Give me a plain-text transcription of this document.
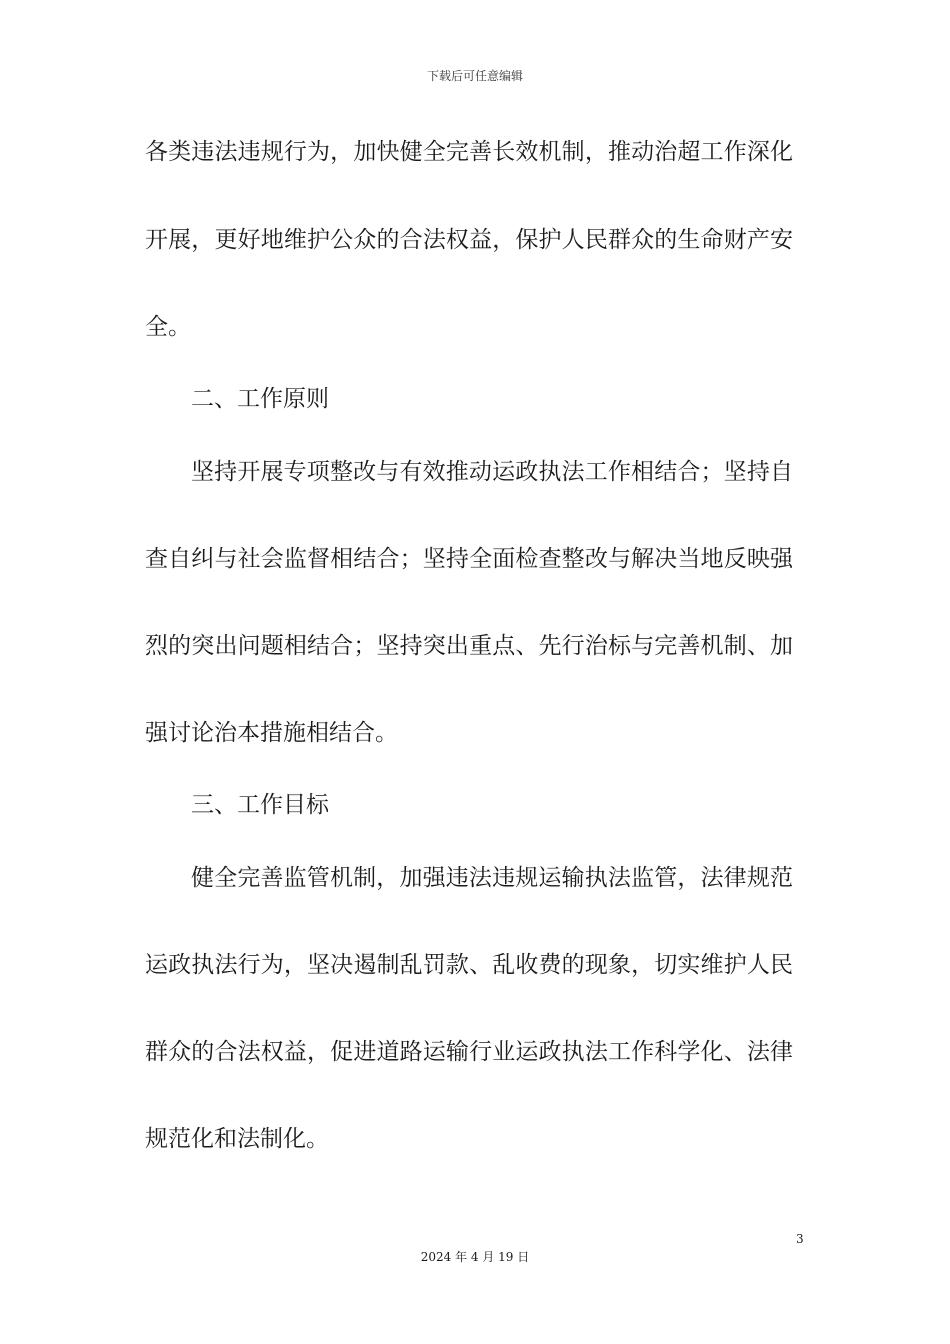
下载后可任意编辑
各类违法违规行为，加快健全完善长效机制，推动治超工作深化
开展，更好地维护公众的合法权益，保护人民群众的生命财产安
全。
二、工作原则
坚持开展专项整改与有效推动运政执法工作相结合；坚持自
查自纠与社会监督相结合；坚持全面检查整改与解决当地反映强
烈的突出问题相结合；坚持突出重点、先行治标与完善机制、加
强讨论治本措施相结合。
三、工作目标
健全完善监管机制，加强违法违规运输执法监管，法律规范
运政执法行为，坚决遏制乱罚款、乱收费的现象，切实维护人民
群众的合法权益，促进道路运输行业运政执法工作科学化、法律
规范化和法制化。
3
2024 年 4 月 19 日
